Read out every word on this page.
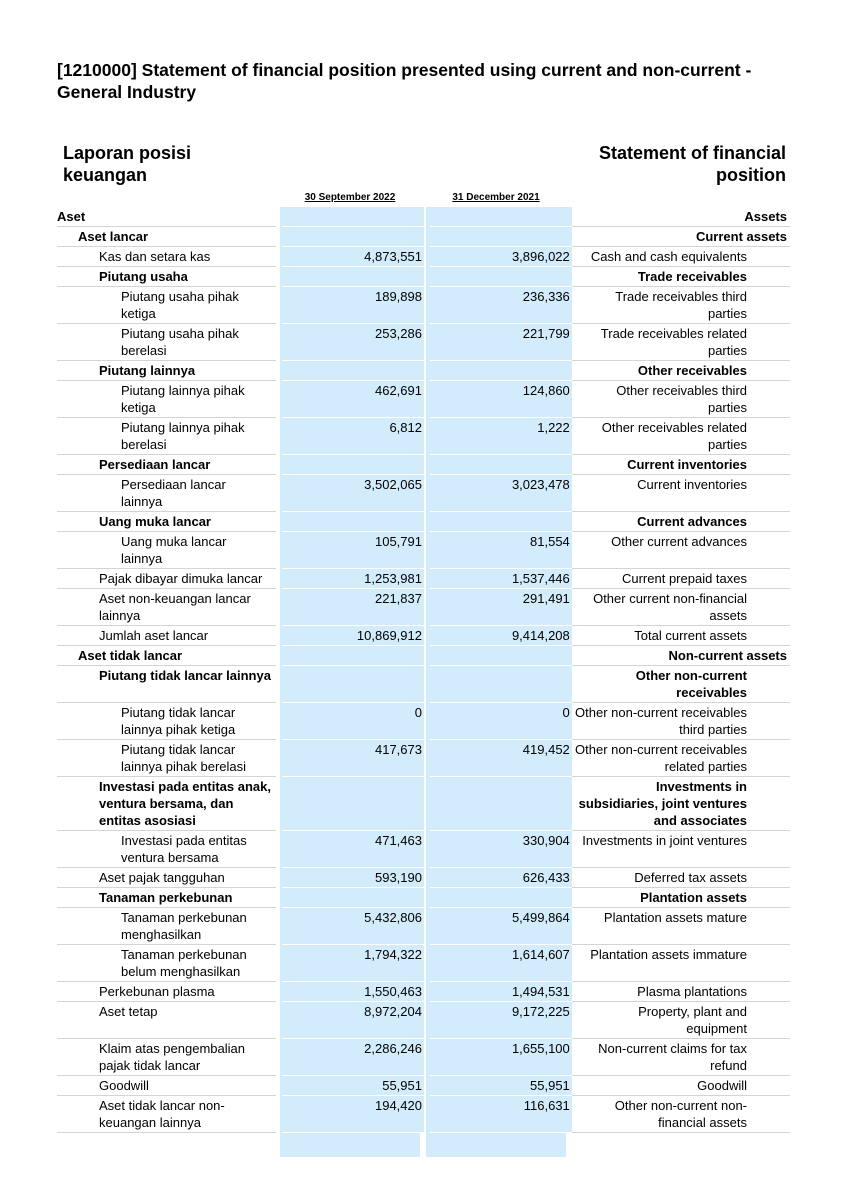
[1210000] Statement of financial position presented using current and non-current - General Industry
Laporan posisi keuangan
Statement of financial position
30 September 2022	31 December 2021
Aset					Assets
Aset lancar					Current assets
Kas dan setara kas		4,873,551		3,896,022	Cash and cash equivalents
Piutang usaha					Trade receivables
Piutang usaha pihak ketiga		189,898		236,336	Trade receivables third parties
Piutang usaha pihak berelasi		253,286		221,799	Trade receivables related parties
Piutang lainnya					Other receivables
Piutang lainnya pihak ketiga		462,691		124,860	Other receivables third parties
Piutang lainnya pihak berelasi		6,812		1,222	Other receivables related parties
Persediaan lancar					Current inventories
Persediaan lancar lainnya		3,502,065		3,023,478	Current inventories
Uang muka lancar					Current advances
Uang muka lancar lainnya		105,791		81,554	Other current advances
Pajak dibayar dimuka lancar		1,253,981		1,537,446	Current prepaid taxes
Aset non-keuangan lancar lainnya		221,837		291,491	Other current non-financial assets
Jumlah aset lancar		10,869,912		9,414,208	Total current assets
Aset tidak lancar					Non-current assets
Piutang tidak lancar lainnya					Other non-current receivables
Piutang tidak lancar lainnya pihak ketiga		0		0	Other non-current receivables third parties
Piutang tidak lancar lainnya pihak berelasi		417,673		419,452	Other non-current receivables related parties
Investasi pada entitas anak, ventura bersama, dan entitas asosiasi					Investments in subsidiaries, joint ventures and associates
Investasi pada entitas ventura bersama		471,463		330,904	Investments in joint ventures
Aset pajak tangguhan		593,190		626,433	Deferred tax assets
Tanaman perkebunan					Plantation assets
Tanaman perkebunan menghasilkan		5,432,806		5,499,864	Plantation assets mature
Tanaman perkebunan belum menghasilkan		1,794,322		1,614,607	Plantation assets immature
Perkebunan plasma		1,550,463		1,494,531	Plasma plantations
Aset tetap		8,972,204		9,172,225	Property, plant and equipment
Klaim atas pengembalian pajak tidak lancar		2,286,246		1,655,100	Non-current claims for tax refund
Goodwill		55,951		55,951	Goodwill
Aset tidak lancar non-keuangan lainnya		194,420		116,631	Other non-current non-financial assets
